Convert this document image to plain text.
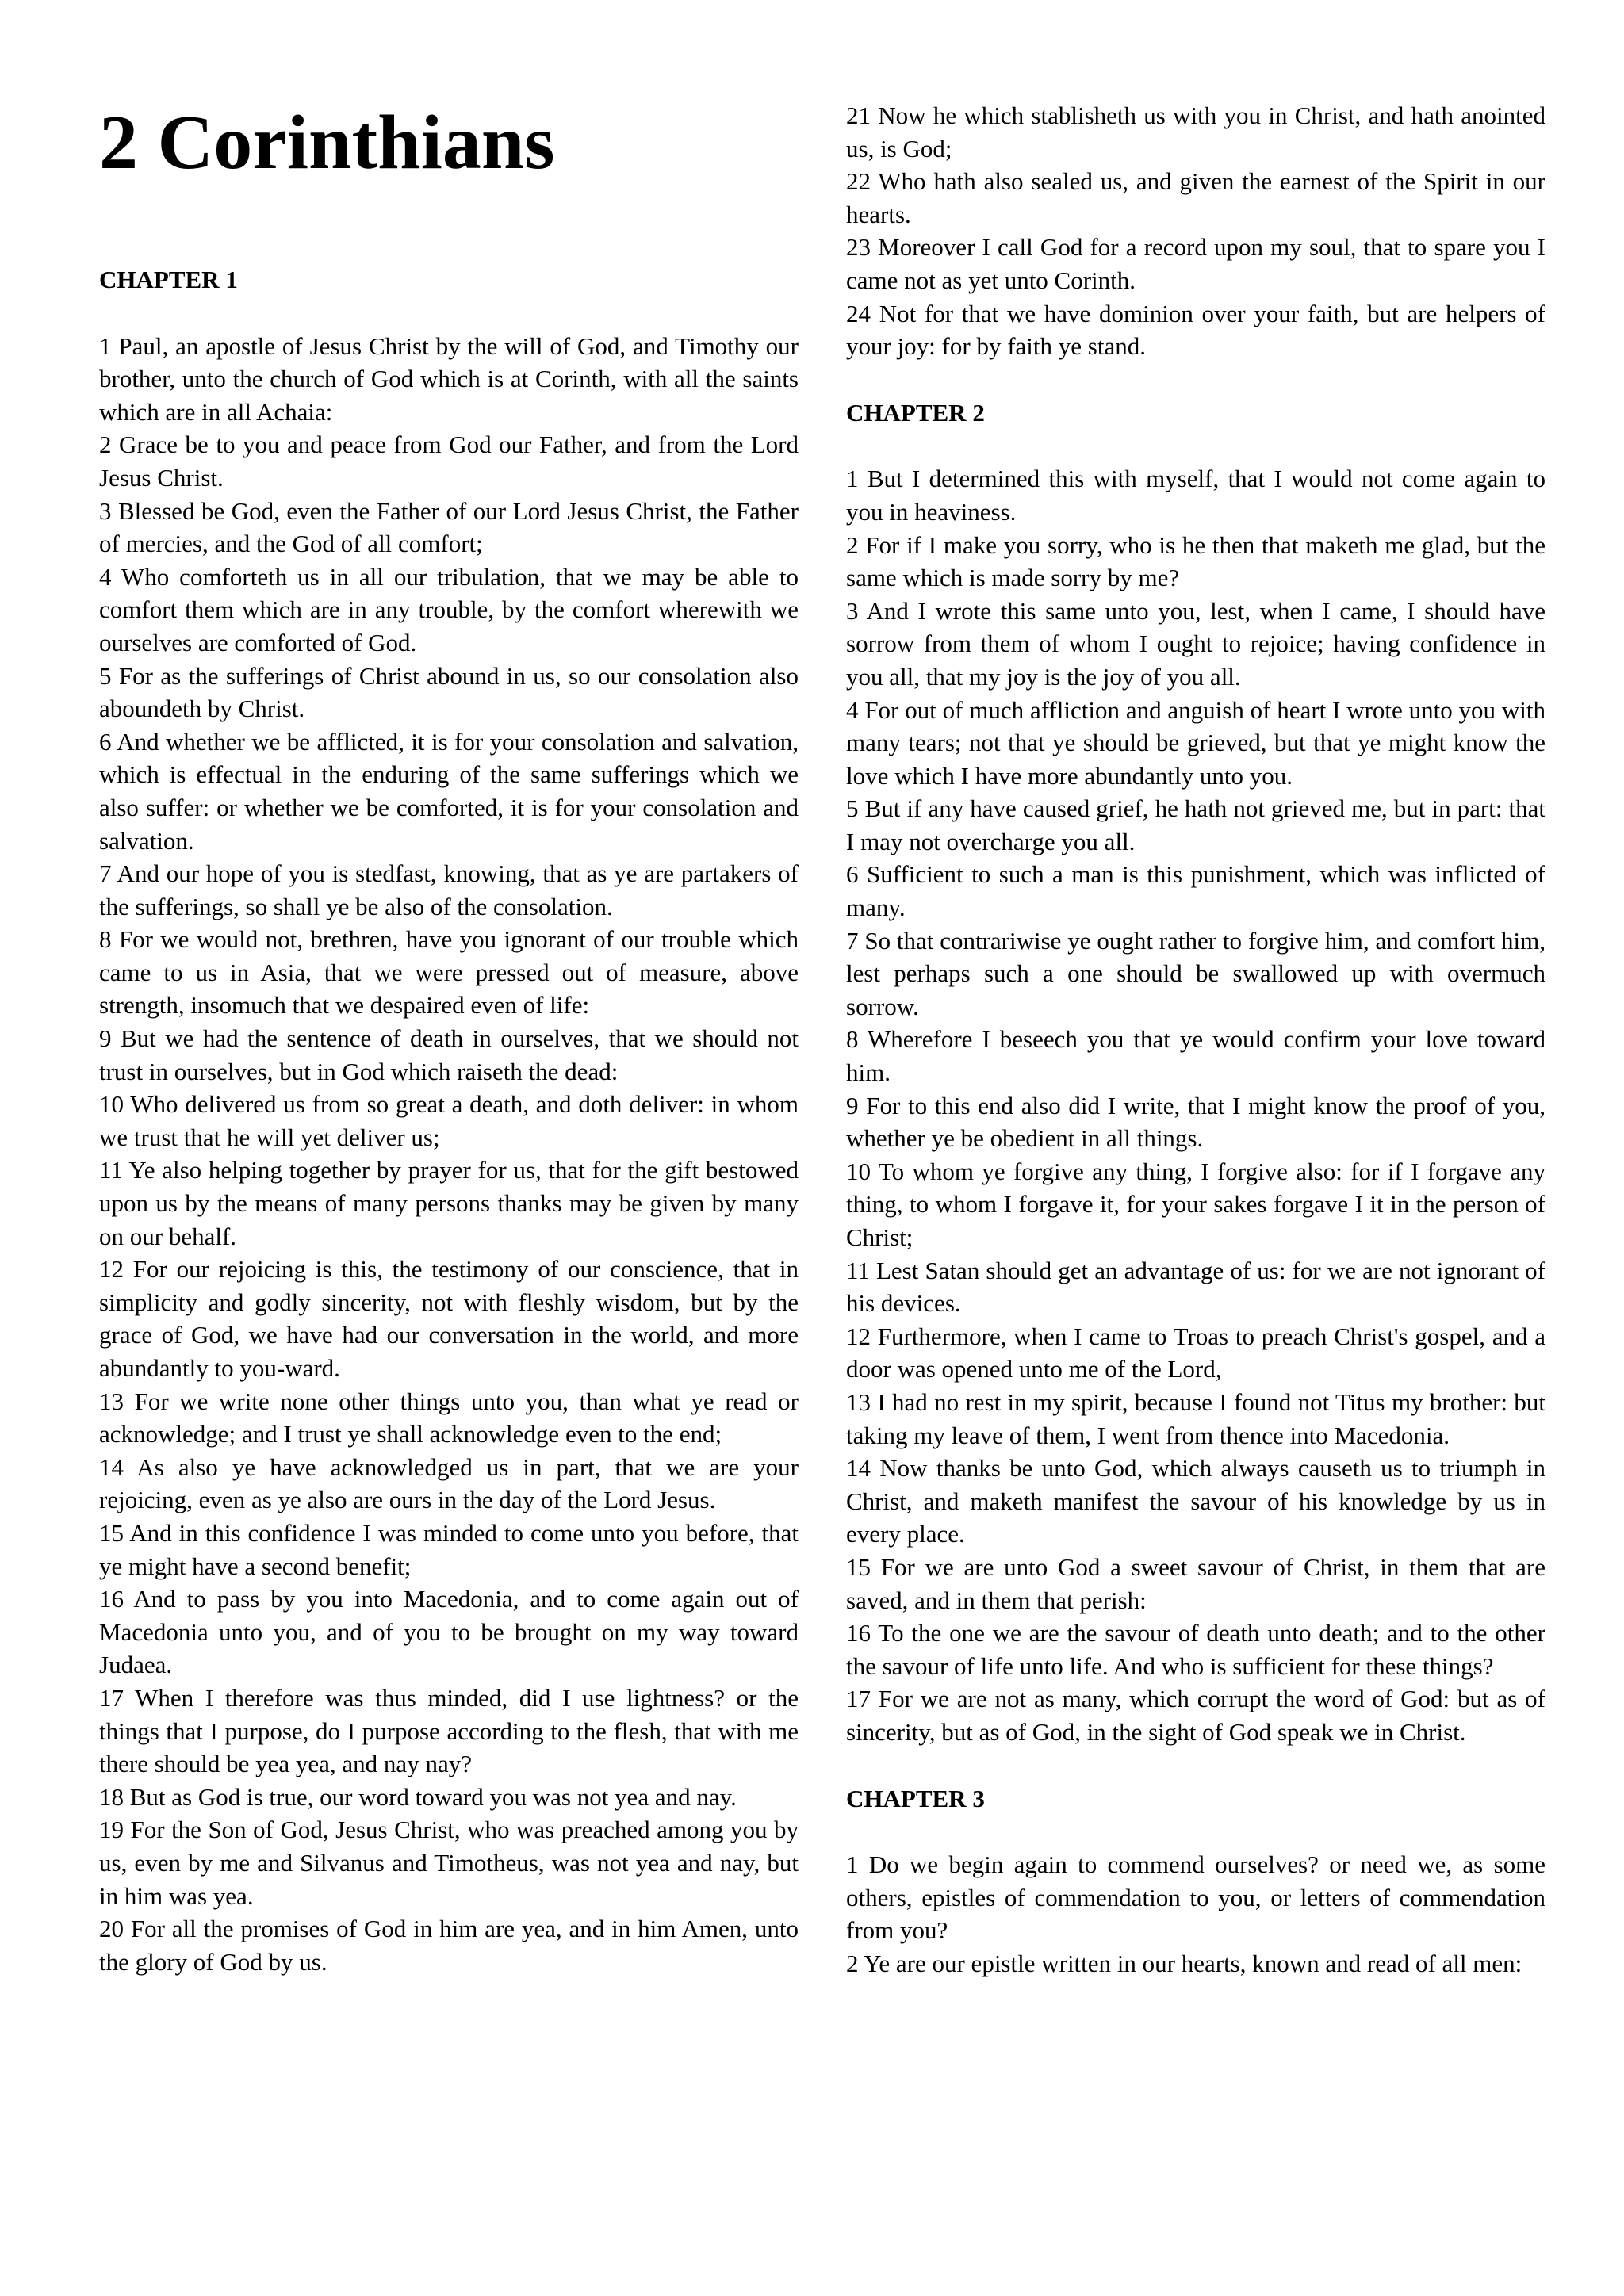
2 Corinthians

CHAPTER 1

1 Paul, an apostle of Jesus Christ by the will of God, and Timothy our brother, unto the church of God which is at Corinth, with all the saints which are in all Achaia:

2 Grace be to you and peace from God our Father, and from the Lord Jesus Christ.

3 Blessed be God, even the Father of our Lord Jesus Christ, the Father of mercies, and the God of all comfort;

4 Who comforteth us in all our tribulation, that we may be able to comfort them which are in any trouble, by the comfort wherewith we ourselves are comforted of God.

5 For as the sufferings of Christ abound in us, so our consolation also aboundeth by Christ.

6 And whether we be afflicted, it is for your consolation and salvation, which is effectual in the enduring of the same sufferings which we also suffer: or whether we be comforted, it is for your consolation and salvation.

7 And our hope of you is stedfast, knowing, that as ye are partakers of the sufferings, so shall ye be also of the consolation.

8 For we would not, brethren, have you ignorant of our trouble which came to us in Asia, that we were pressed out of measure, above strength, insomuch that we despaired even of life:

9 But we had the sentence of death in ourselves, that we should not trust in ourselves, but in God which raiseth the dead:

10 Who delivered us from so great a death, and doth deliver: in whom we trust that he will yet deliver us;

11 Ye also helping together by prayer for us, that for the gift bestowed upon us by the means of many persons thanks may be given by many on our behalf.

12 For our rejoicing is this, the testimony of our conscience, that in simplicity and godly sincerity, not with fleshly wisdom, but by the grace of God, we have had our conversation in the world, and more abundantly to you-ward.

13 For we write none other things unto you, than what ye read or acknowledge; and I trust ye shall acknowledge even to the end;

14 As also ye have acknowledged us in part, that we are your rejoicing, even as ye also are ours in the day of the Lord Jesus.

15 And in this confidence I was minded to come unto you before, that ye might have a second benefit;

16 And to pass by you into Macedonia, and to come again out of Macedonia unto you, and of you to be brought on my way toward Judaea.

17 When I therefore was thus minded, did I use lightness? or the things that I purpose, do I purpose according to the flesh, that with me there should be yea yea, and nay nay?

18 But as God is true, our word toward you was not yea and nay.

19 For the Son of God, Jesus Christ, who was preached among you by us, even by me and Silvanus and Timotheus, was not yea and nay, but in him was yea.

20 For all the promises of God in him are yea, and in him Amen, unto the glory of God by us.

21 Now he which stablisheth us with you in Christ, and hath anointed us, is God;

22 Who hath also sealed us, and given the earnest of the Spirit in our hearts.

23 Moreover I call God for a record upon my soul, that to spare you I came not as yet unto Corinth.

24 Not for that we have dominion over your faith, but are helpers of your joy: for by faith ye stand.

CHAPTER 2

1 But I determined this with myself, that I would not come again to you in heaviness.

2 For if I make you sorry, who is he then that maketh me glad, but the same which is made sorry by me?

3 And I wrote this same unto you, lest, when I came, I should have sorrow from them of whom I ought to rejoice; having confidence in you all, that my joy is the joy of you all.

4 For out of much affliction and anguish of heart I wrote unto you with many tears; not that ye should be grieved, but that ye might know the love which I have more abundantly unto you.

5 But if any have caused grief, he hath not grieved me, but in part: that I may not overcharge you all.

6 Sufficient to such a man is this punishment, which was inflicted of many.

7 So that contrariwise ye ought rather to forgive him, and comfort him, lest perhaps such a one should be swallowed up with overmuch sorrow.

8 Wherefore I beseech you that ye would confirm your love toward him.

9 For to this end also did I write, that I might know the proof of you, whether ye be obedient in all things.

10 To whom ye forgive any thing, I forgive also: for if I forgave any thing, to whom I forgave it, for your sakes forgave I it in the person of Christ;

11 Lest Satan should get an advantage of us: for we are not ignorant of his devices.

12 Furthermore, when I came to Troas to preach Christ's gospel, and a door was opened unto me of the Lord,

13 I had no rest in my spirit, because I found not Titus my brother: but taking my leave of them, I went from thence into Macedonia.

14 Now thanks be unto God, which always causeth us to triumph in Christ, and maketh manifest the savour of his knowledge by us in every place.

15 For we are unto God a sweet savour of Christ, in them that are saved, and in them that perish:

16 To the one we are the savour of death unto death; and to the other the savour of life unto life. And who is sufficient for these things?

17 For we are not as many, which corrupt the word of God: but as of sincerity, but as of God, in the sight of God speak we in Christ.

CHAPTER 3

1 Do we begin again to commend ourselves? or need we, as some others, epistles of commendation to you, or letters of commendation from you?

2 Ye are our epistle written in our hearts, known and read of all men:
